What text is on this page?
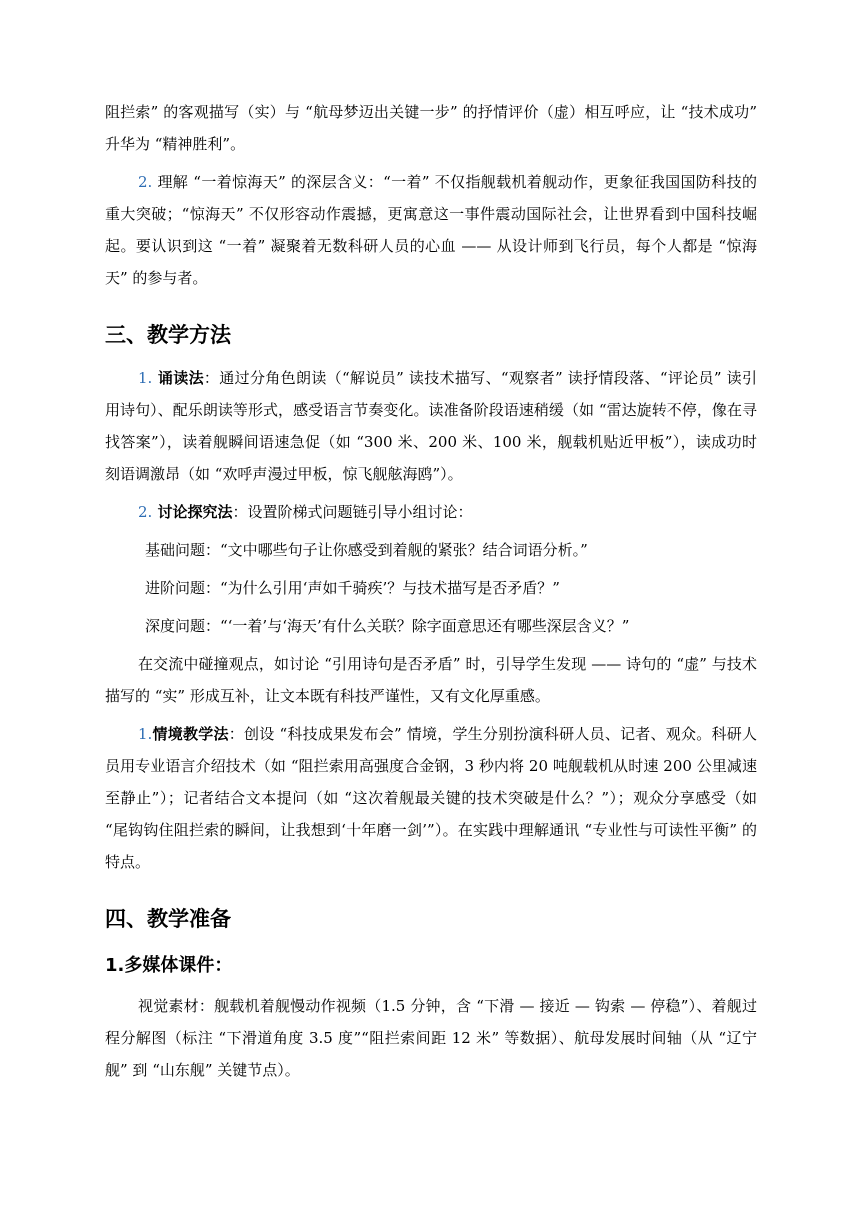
阻拦索” 的客观描写（实）与 “航母梦迈出关键一步” 的抒情评价（虚）相互呼应，让 “技术成功” 升华为 “精神胜利”。

2. 理解 “一着惊海天” 的深层含义：“一着” 不仅指舰载机着舰动作，更象征我国国防科技的重大突破；“惊海天” 不仅形容动作震撼，更寓意这一事件震动国际社会，让世界看到中国科技崛起。要认识到这 “一着” 凝聚着无数科研人员的心血 —— 从设计师到飞行员，每个人都是 “惊海天” 的参与者。

三、教学方法

1. 诵读法：通过分角色朗读（“解说员” 读技术描写、“观察者” 读抒情段落、“评论员” 读引用诗句）、配乐朗读等形式，感受语言节奏变化。读准备阶段语速稍缓（如 “雷达旋转不停，像在寻找答案”），读着舰瞬间语速急促（如 “300 米、200 米、100 米，舰载机贴近甲板”），读成功时刻语调激昂（如 “欢呼声漫过甲板，惊飞舰舷海鸥”）。

2. 讨论探究法：设置阶梯式问题链引导小组讨论：

基础问题：“文中哪些句子让你感受到着舰的紧张？结合词语分析。”

进阶问题：“为什么引用‘声如千骑疾’？与技术描写是否矛盾？”

深度问题：“‘一着’与‘海天’有什么关联？除字面意思还有哪些深层含义？”

在交流中碰撞观点，如讨论 “引用诗句是否矛盾” 时，引导学生发现 —— 诗句的 “虚” 与技术描写的 “实” 形成互补，让文本既有科技严谨性，又有文化厚重感。

1.情境教学法：创设 “科技成果发布会” 情境，学生分别扮演科研人员、记者、观众。科研人员用专业语言介绍技术（如 “阻拦索用高强度合金钢，3 秒内将 20 吨舰载机从时速 200 公里减速至静止”）；记者结合文本提问（如 “这次着舰最关键的技术突破是什么？”）；观众分享感受（如 “尾钩钩住阻拦索的瞬间，让我想到‘十年磨一剑’”）。在实践中理解通讯 “专业性与可读性平衡” 的特点。

四、教学准备
1.多媒体课件：

视觉素材：舰载机着舰慢动作视频（1.5 分钟，含 “下滑 — 接近 — 钩索 — 停稳”）、着舰过程分解图（标注 “下滑道角度 3.5 度”“阻拦索间距 12 米” 等数据）、航母发展时间轴（从 “辽宁舰” 到 “山东舰” 关键节点）。
